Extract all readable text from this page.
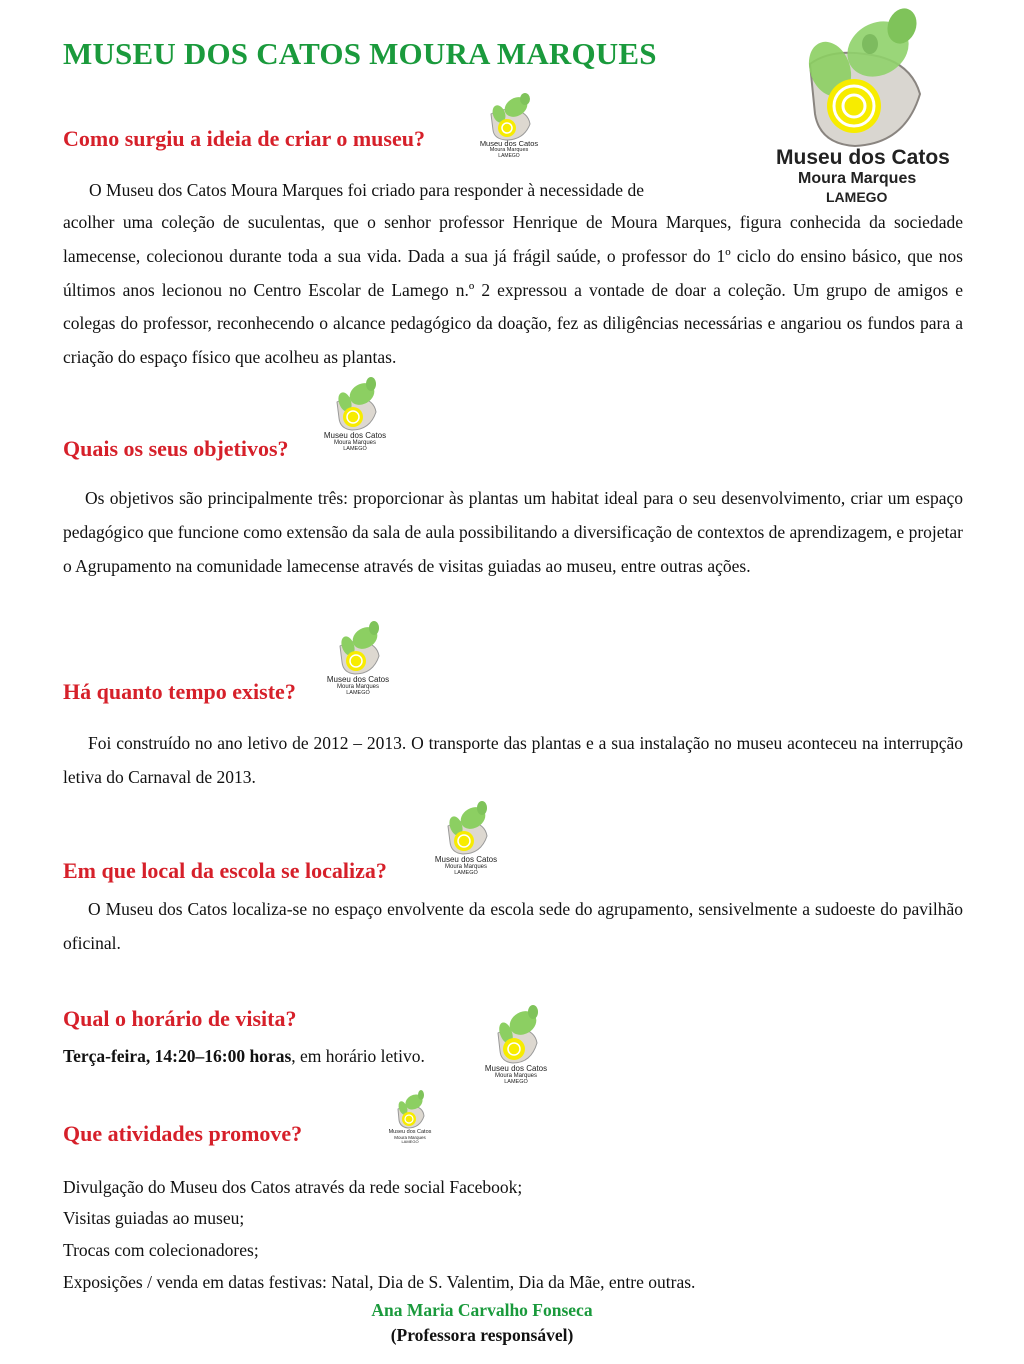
MUSEU DOS CATOS MOURA MARQUES
Museu dos Catos
Moura Marques
LAMEGO
Como surgiu a ideia de criar o museu?	Museu dos Catos
Moura Marques
LAMEGO
O Museu dos Catos Moura Marques foi criado para responder à necessidade de
acolher uma coleção de suculentas, que o senhor professor Henrique de Moura Marques, figura conhecida da sociedade lamecense, colecionou durante toda a sua vida. Dada a sua já frágil saúde, o professor do 1º ciclo do ensino básico, que nos últimos anos lecionou no Centro Escolar de Lamego n.º 2 expressou a vontade de doar a coleção. Um grupo de amigos e colegas do professor, reconhecendo o alcance pedagógico da doação, fez as diligências necessárias e angariou os fundos para a criação do espaço físico que acolheu as plantas.
Quais os seus objetivos?
Museu dos Catos
Moura Marques
LAMEGO
Os objetivos são principalmente três: proporcionar às plantas um habitat ideal para o seu desenvolvimento, criar um espaço pedagógico que funcione como extensão da sala de aula possibilitando a diversificação de contextos de aprendizagem, e projetar o Agrupamento na comunidade lamecense através de visitas guiadas ao museu, entre outras ações.
Há quanto tempo existe?	Museu dos Catos
Moura Marques
LAMEGO
Foi construído no ano letivo de 2012 – 2013. O transporte das plantas e a sua instalação no museu aconteceu na interrupção letiva do Carnaval de 2013.
Em que local da escola se localiza?	Museu dos Catos
Moura Marques
LAMEGO
O Museu dos Catos localiza-se no espaço envolvente da escola sede do agrupamento, sensivelmente a sudoeste do pavilhão oficinal.
Qual o horário de visita?
Terça-feira, 14:20–16:00 horas, em horário letivo.
Museu dos Catos
Moura Marques
LAMEGO
Que atividades promove?	Museu dos Catos
Moura Marques
LAMEGO
Divulgação do Museu dos Catos através da rede social Facebook;
Visitas guiadas ao museu;
Trocas com colecionadores;
Exposições / venda em datas festivas: Natal, Dia de S. Valentim, Dia da Mãe, entre outras.
Ana Maria Carvalho Fonseca
(Professora responsável)
